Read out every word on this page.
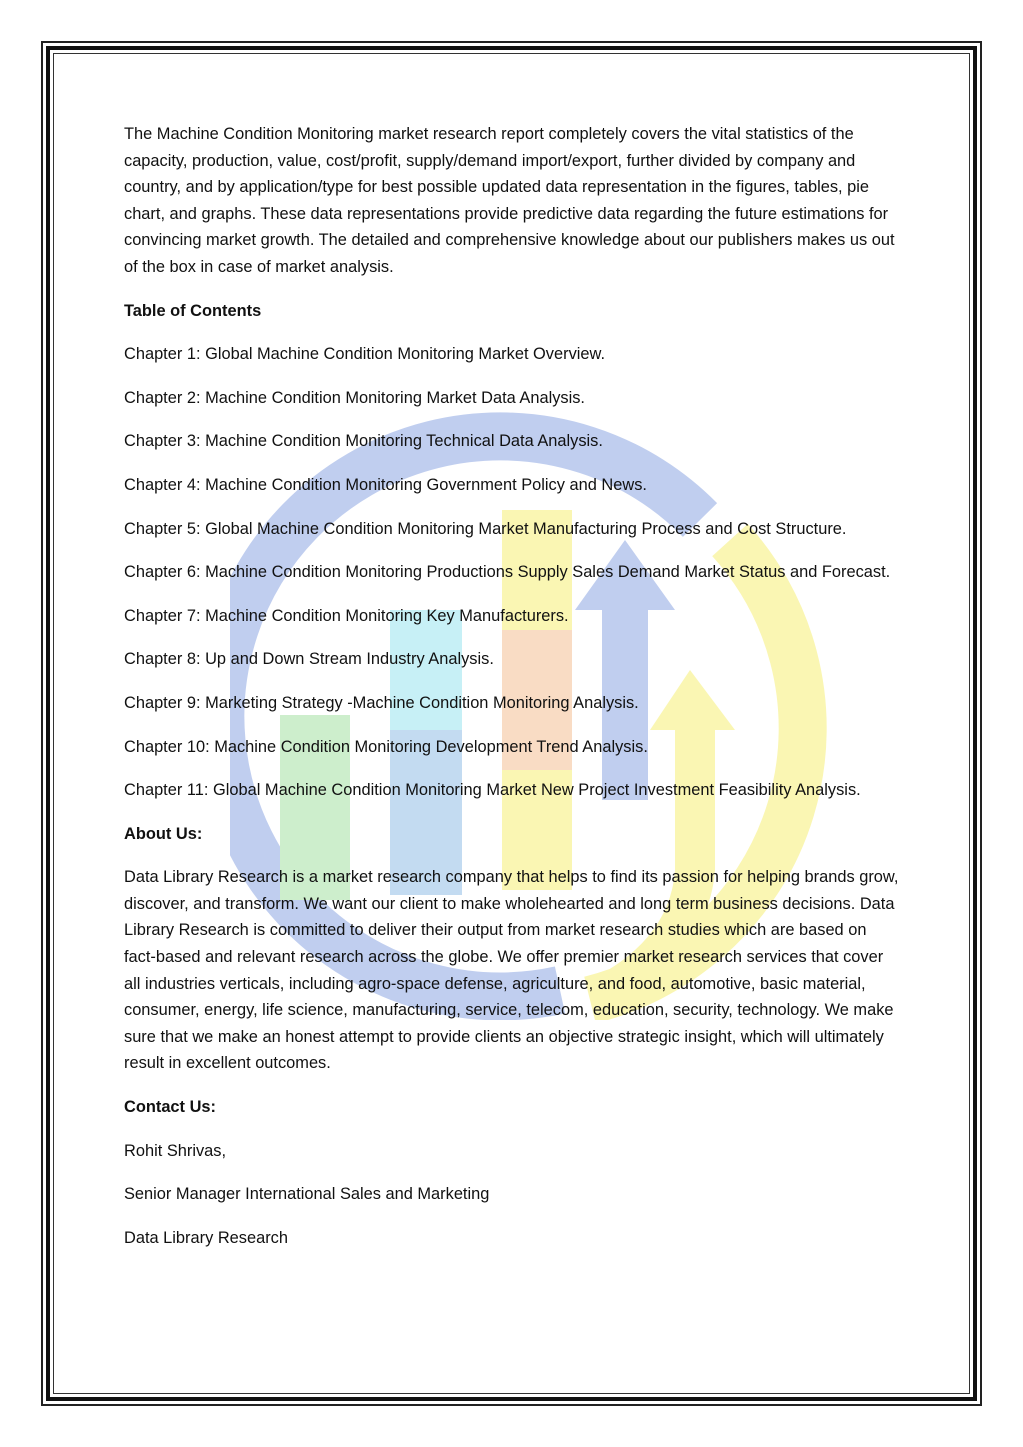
The Machine Condition Monitoring market research report completely covers the vital statistics of the capacity, production, value, cost/profit, supply/demand import/export, further divided by company and country, and by application/type for best possible updated data representation in the figures, tables, pie chart, and graphs. These data representations provide predictive data regarding the future estimations for convincing market growth. The detailed and comprehensive knowledge about our publishers makes us out of the box in case of market analysis.

Table of Contents

Chapter 1: Global Machine Condition Monitoring Market Overview.

Chapter 2: Machine Condition Monitoring Market Data Analysis.

Chapter 3: Machine Condition Monitoring Technical Data Analysis.

Chapter 4: Machine Condition Monitoring Government Policy and News.

Chapter 5: Global Machine Condition Monitoring Market Manufacturing Process and Cost Structure.

Chapter 6: Machine Condition Monitoring Productions Supply Sales Demand Market Status and Forecast.

Chapter 7: Machine Condition Monitoring Key Manufacturers.

Chapter 8: Up and Down Stream Industry Analysis.

Chapter 9: Marketing Strategy -Machine Condition Monitoring Analysis.

Chapter 10: Machine Condition Monitoring Development Trend Analysis.

Chapter 11: Global Machine Condition Monitoring Market New Project Investment Feasibility Analysis.

About Us:

Data Library Research is a market research company that helps to find its passion for helping brands grow, discover, and transform. We want our client to make wholehearted and long term business decisions. Data Library Research is committed to deliver their output from market research studies which are based on fact-based and relevant research across the globe. We offer premier market research services that cover all industries verticals, including agro-space defense, agriculture, and food, automotive, basic material, consumer, energy, life science, manufacturing, service, telecom, education, security, technology. We make sure that we make an honest attempt to provide clients an objective strategic insight, which will ultimately result in excellent outcomes.

Contact Us:

Rohit Shrivas,

Senior Manager International Sales and Marketing

Data Library Research
